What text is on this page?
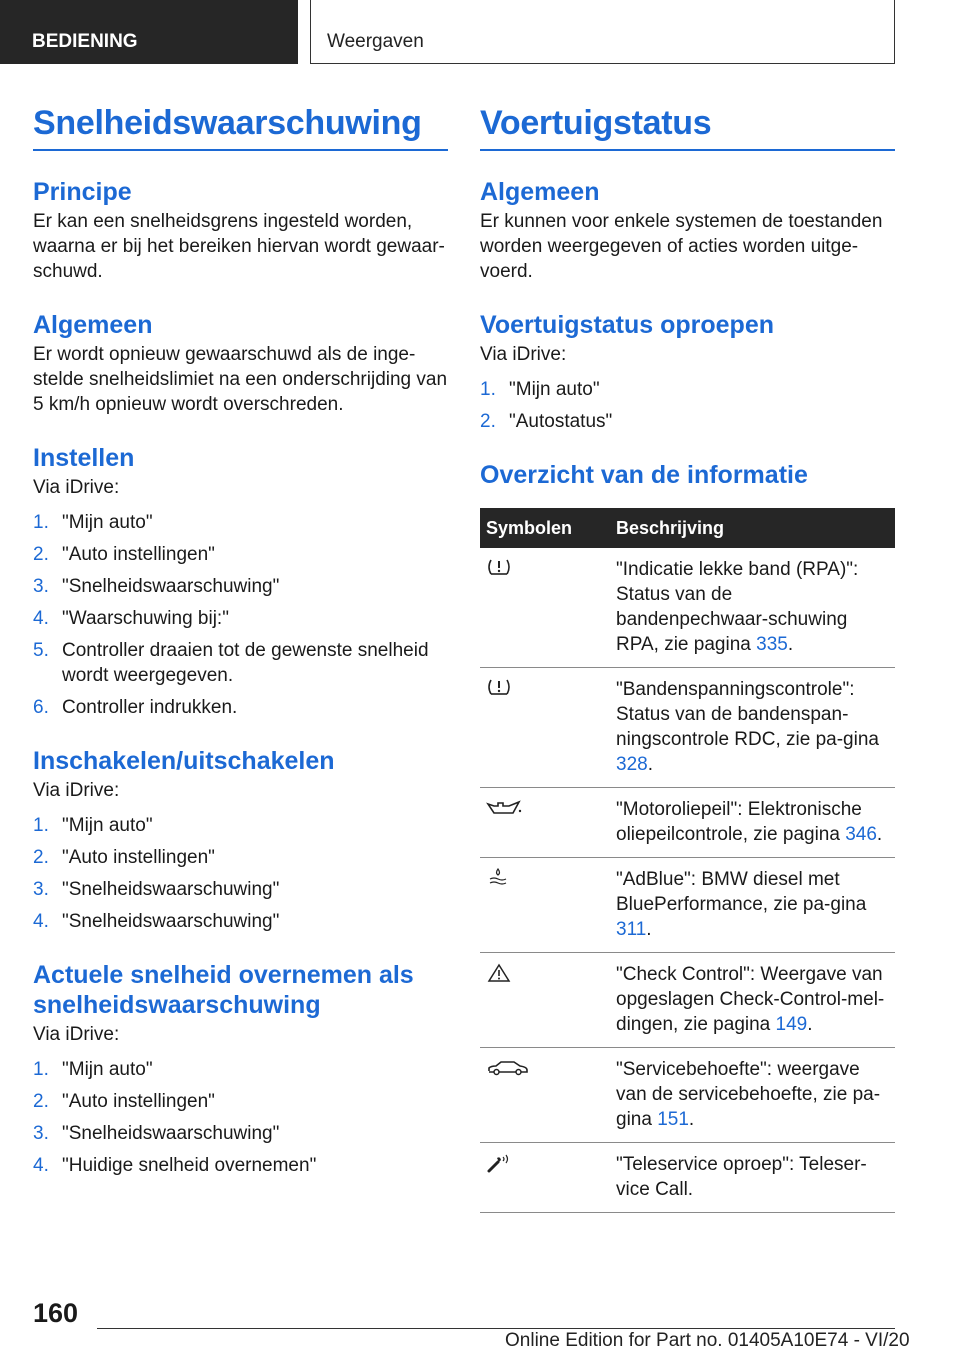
BEDIENING	Weergaven
Snelheidswaarschuwing
Principe

Er kan een snelheidsgrens ingesteld worden, waarna er bij het bereiken hiervan wordt gewaar-schuwd.

Algemeen

Er wordt opnieuw gewaarschuwd als de inge-stelde snelheidslimiet na een onderschrijding van 5 km/h opnieuw wordt overschreden.

Instellen

Via iDrive:

1. "Mijn auto"
2. "Auto instellingen"
3. "Snelheidswaarschuwing"
4. "Waarschuwing bij:"
5. Controller draaien tot de gewenste snelheid wordt weergegeven.
6. Controller indrukken.
Inschakelen/uitschakelen

Via iDrive:

1. "Mijn auto"
2. "Auto instellingen"
3. "Snelheidswaarschuwing"
4. "Snelheidswaarschuwing"
Actuele snelheid overnemen als snelheidswaarschuwing

Via iDrive:

1. "Mijn auto"
2. "Auto instellingen"
3. "Snelheidswaarschuwing"
4. "Huidige snelheid overnemen"
Voertuigstatus
Algemeen

Er kunnen voor enkele systemen de toestanden worden weergegeven of acties worden uitge-voerd.

Voertuigstatus oproepen

Via iDrive:

1. "Mijn auto"
2. "Autostatus"
Overzicht van de informatie
Symbolen	Beschrijving
	"Indicatie lekke band (RPA)": Status van de bandenpechwaar-schuwing RPA, zie pagina 335.
	"Bandenspanningscontrole": Status van de bandenspan-ningscontrole RDC, zie pa-gina 328.
	"Motoroliepeil": Elektronische oliepeilcontrole, zie pagina 346.
	"AdBlue": BMW diesel met BluePerformance, zie pa-gina 311.
	"Check Control": Weergave van opgeslagen Check-Control-mel-dingen, zie pagina 149.
	"Servicebehoefte": weergave van de servicebehoefte, zie pa-gina 151.
	"Teleservice oproep": Teleser-vice Call.
160
Online Edition for Part no. 01405A10E74 - VI/20
